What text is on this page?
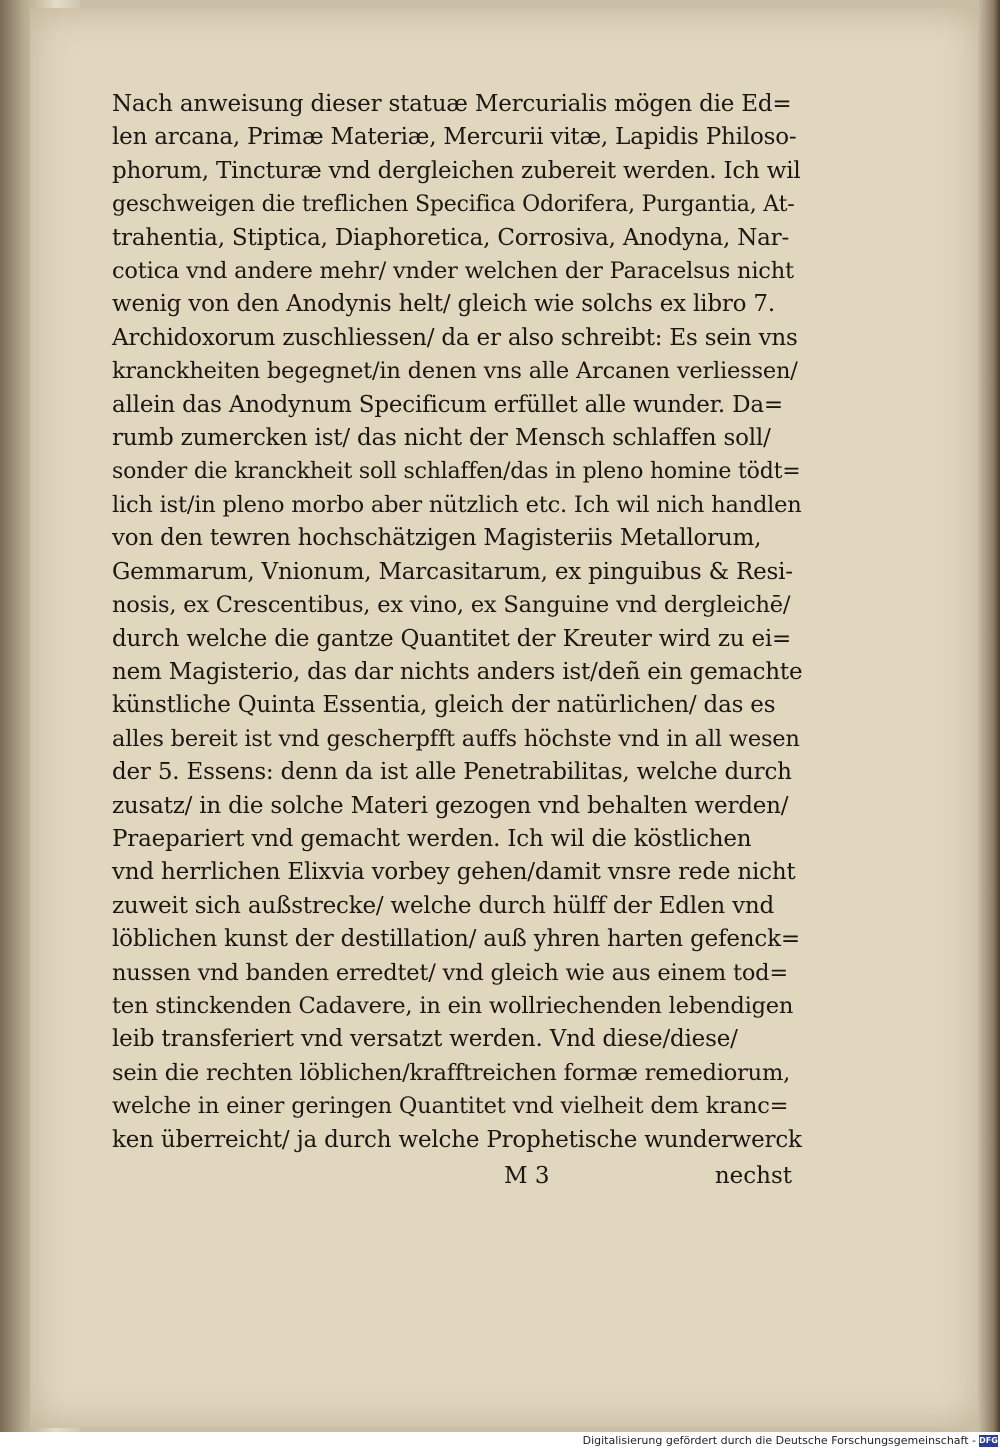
Nach anweisung dieser statuæ Mercurialis mögen die Ed=
len arcana, Primæ Materiæ, Mercurii vitæ, Lapidis Philoso-
phorum, Tincturæ vnd dergleichen zubereit werden. Ich wil
geschweigen die treflichen Specifica Odorifera, Purgantia, At-
trahentia, Stiptica, Diaphoretica, Corrosiva, Anodyna, Nar-
cotica vnd andere mehr/ vnder welchen der Paracelsus nicht
wenig von den Anodynis helt/ gleich wie solchs ex libro 7.
Archidoxorum zuschliessen/ da er also schreibt: Es sein vns
kranckheiten begegnet/in denen vns alle Arcanen verliessen/
allein das Anodynum Specificum erfüllet alle wunder. Da=
rumb zumercken ist/ das nicht der Mensch schlaffen soll/
sonder die kranckheit soll schlaffen/das in pleno homine tödt=
lich ist/in pleno morbo aber nützlich etc. Ich wil nich handlen
von den tewren hochschätzigen Magisteriis Metallorum,
Gemmarum, Vnionum, Marcasitarum, ex pinguibus & Resi-
nosis, ex Crescentibus, ex vino, ex Sanguine vnd dergleichē/
durch welche die gantze Quantitet der Kreuter wird zu ei=
nem Magisterio, das dar nichts anders ist/deñ ein gemachte
künstliche Quinta Essentia, gleich der natürlichen/ das es
alles bereit ist vnd gescherpfft auffs höchste vnd in all wesen
der 5. Essens: denn da ist alle Penetrabilitas, welche durch
zusatz/ in die solche Materi gezogen vnd behalten werden/
Praepariert vnd gemacht werden. Ich wil die köstlichen
vnd herrlichen Elixvia vorbey gehen/damit vnsre rede nicht
zuweit sich außstrecke/ welche durch hülff der Edlen vnd
löblichen kunst der destillation/ auß yhren harten gefenck=
nussen vnd banden erredtet/ vnd gleich wie aus einem tod=
ten stinckenden Cadavere, in ein wollriechenden lebendigen
leib transferiert vnd versatzt werden. Vnd diese/diese/
sein die rechten löblichen/krafftreichen formæ remediorum,
welche in einer geringen Quantitet vnd vielheit dem kranc=
ken überreicht/ ja durch welche Prophetische wunderwerck
M 3	nechst
Digitalisierung gefördert durch die Deutsche Forschungsgemeinschaft - DFG
